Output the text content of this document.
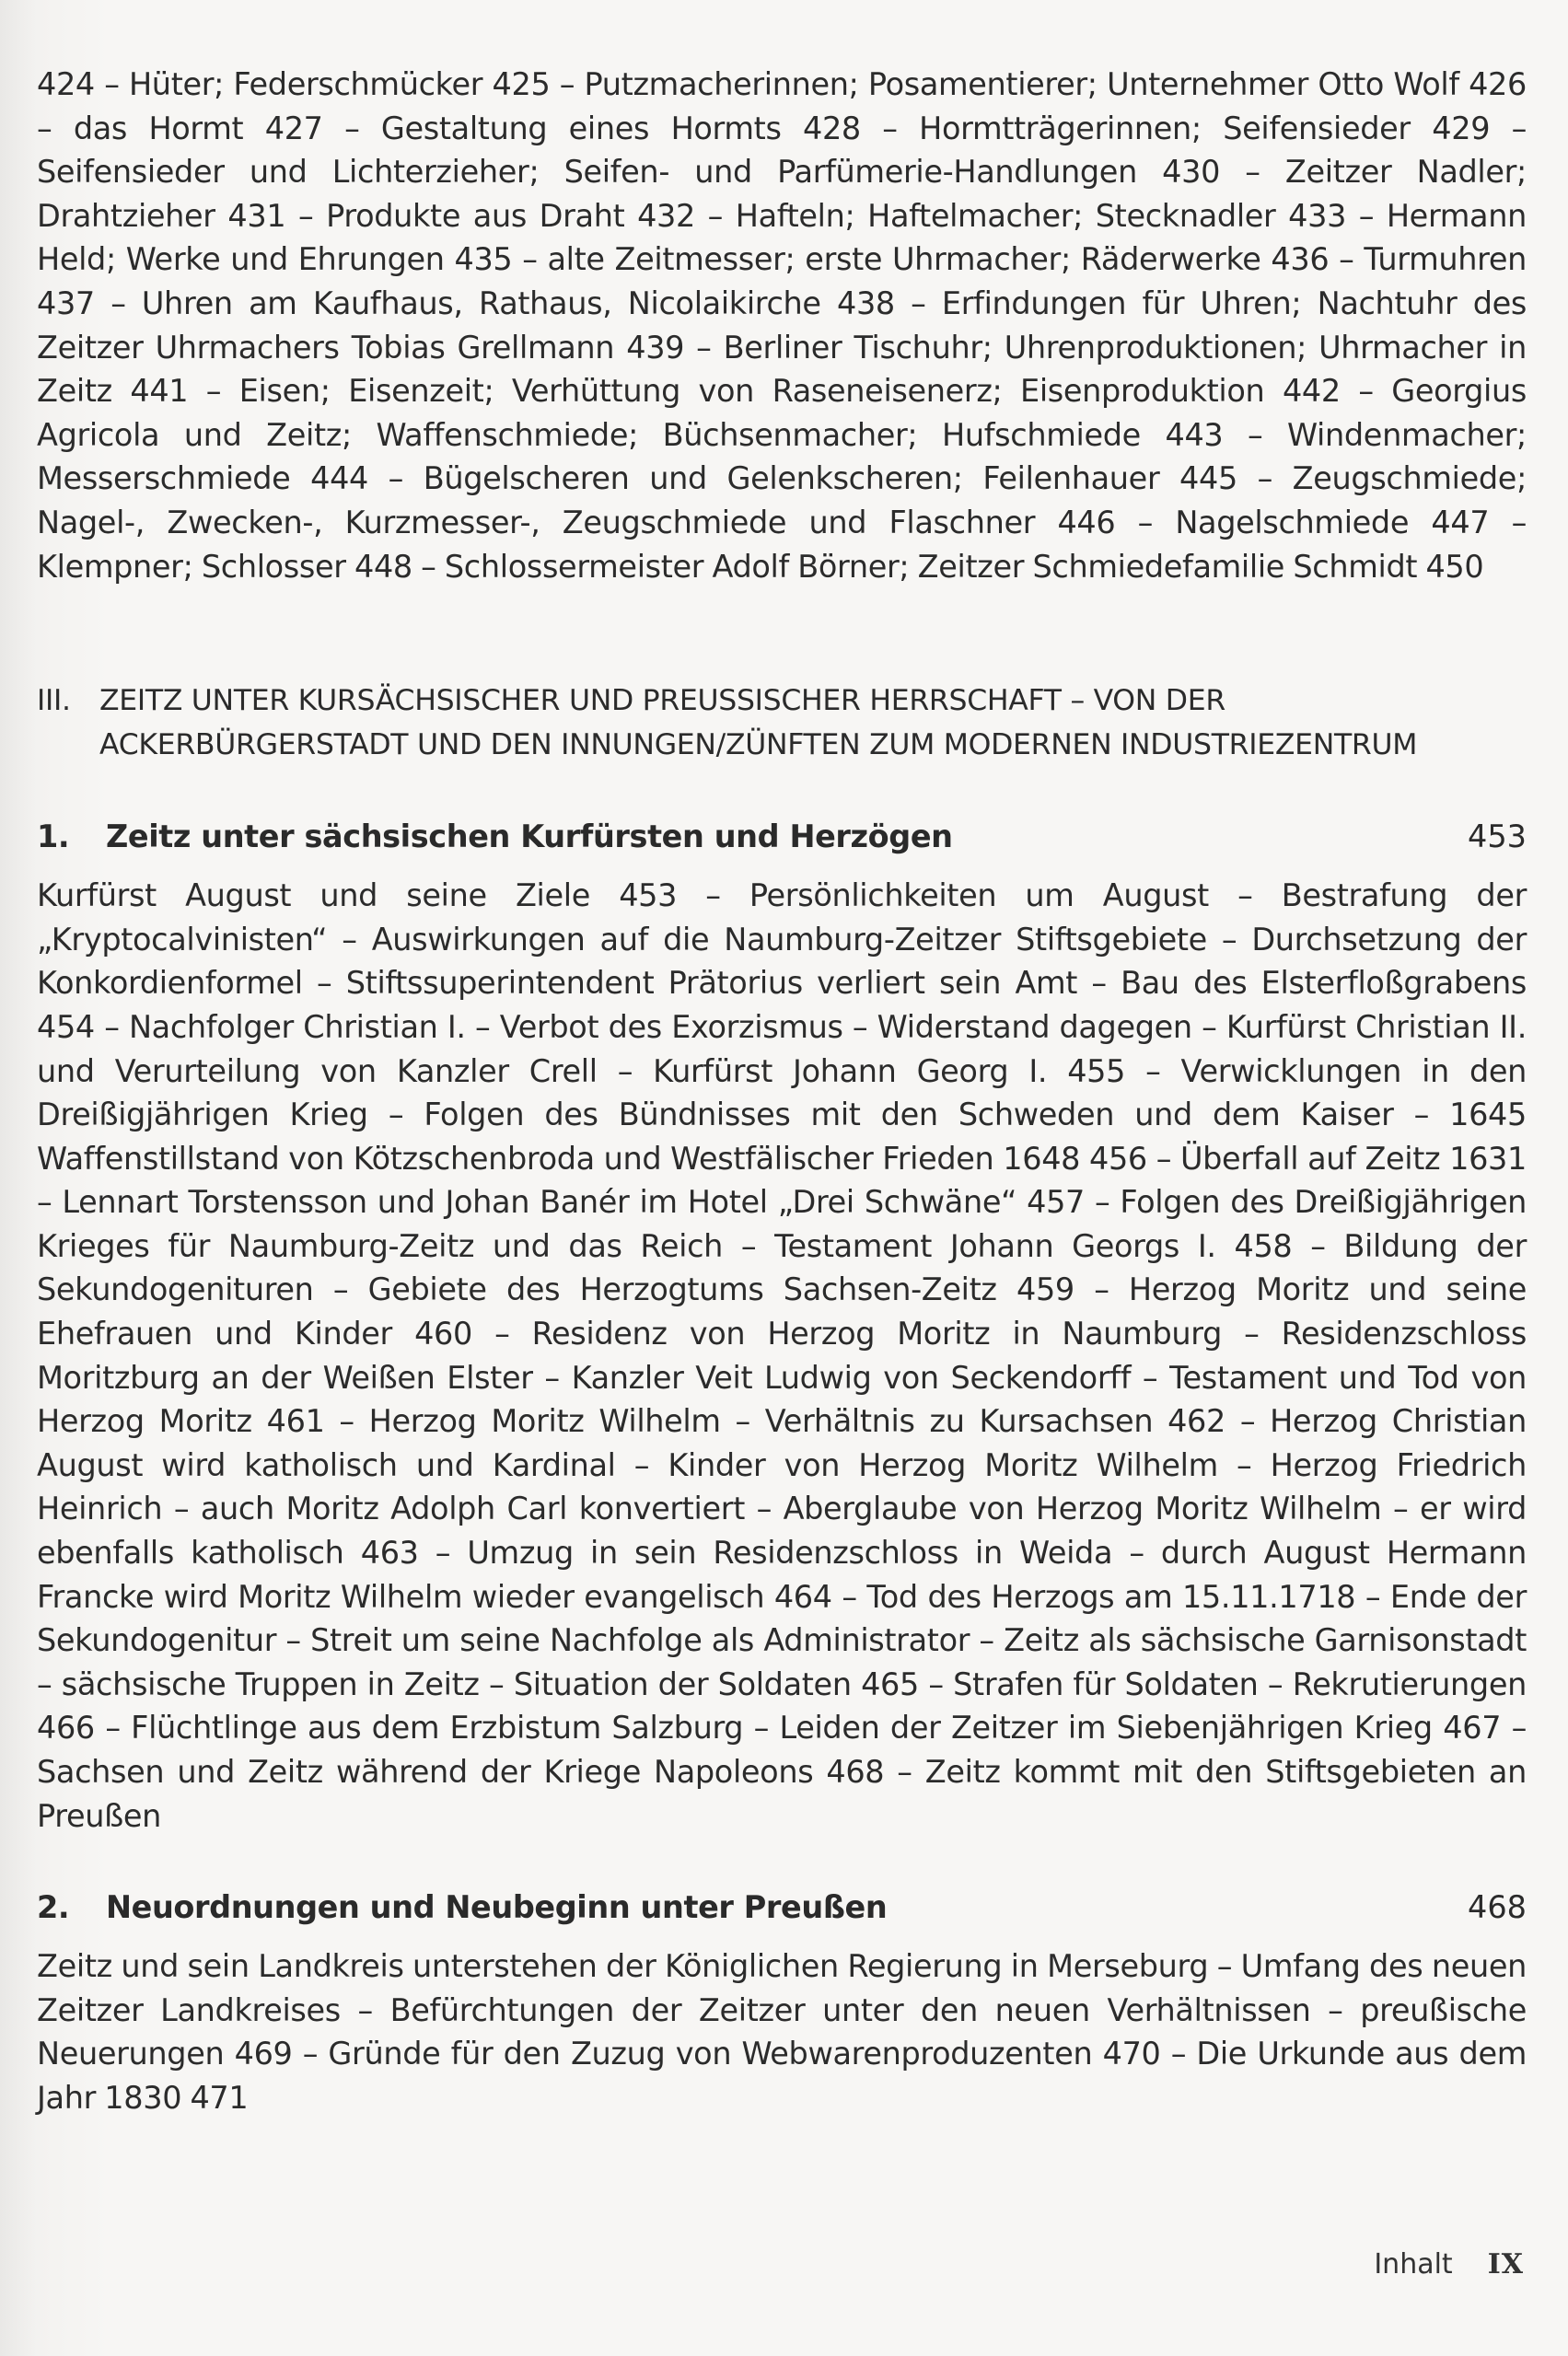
424 – Hüter; Federschmücker 425 – Putzmacherinnen; Posamentierer; Unternehmer Otto Wolf 426 – das Hormt 427 – Gestaltung eines Hormts 428 – Hormtträgerinnen; Seifensieder 429 – Seifensieder und Lichterzieher; Seifen- und Parfümerie-Handlungen 430 – Zeitzer Nadler; Drahtzieher 431 – Produkte aus Draht 432 – Hafteln; Haftelmacher; Stecknadler 433 – Hermann Held; Werke und Ehrungen 435 – alte Zeitmesser; erste Uhrmacher; Räderwerke 436 – Turmuhren 437 – Uhren am Kaufhaus, Rathaus, Nicolaikirche 438 – Erfindungen für Uhren; Nachtuhr des Zeitzer Uhrmachers Tobias Grellmann 439 – Berliner Tischuhr; Uhrenproduktionen; Uhrmacher in Zeitz 441 – Eisen; Eisenzeit; Verhüttung von Raseneisenerz; Eisenproduktion 442 – Georgius Agricola und Zeitz; Waffenschmiede; Büchsenmacher; Hufschmiede 443 – Windenmacher; Messerschmiede 444 – Bügelscheren und Gelenkscheren; Feilenhauer 445 – Zeugschmiede; Nagel-, Zwecken-, Kurzmesser-, Zeugschmiede und Flaschner 446 – Nagelschmiede 447 – Klempner; Schlosser 448 – Schlossermeister Adolf Börner; Zeitzer Schmiedefamilie Schmidt 450

III. ZEITZ UNTER KURSÄCHSISCHER UND PREUSSISCHER HERRSCHAFT – VON DER ACKERBÜRGERSTADT UND DEN INNUNGEN/ZÜNFTEN ZUM MODERNEN INDUSTRIEZENTRUM
1.	Zeitz unter sächsischen Kurfürsten und Herzögen	453

Kurfürst August und seine Ziele 453 – Persönlichkeiten um August – Bestrafung der „Kryptocalvinisten“ – Auswirkungen auf die Naumburg-Zeitzer Stiftsgebiete – Durchsetzung der Konkordienformel – Stiftssuperintendent Prätorius verliert sein Amt – Bau des Elsterfloßgrabens 454 – Nachfolger Christian I. – Verbot des Exorzismus – Widerstand dagegen – Kurfürst Christian II. und Verurteilung von Kanzler Crell – Kurfürst Johann Georg I. 455 – Verwicklungen in den Dreißigjährigen Krieg – Folgen des Bündnisses mit den Schweden und dem Kaiser – 1645 Waffenstillstand von Kötzschenbroda und Westfälischer Frieden 1648 456 – Überfall auf Zeitz 1631 – Lennart Torstensson und Johan Banér im Hotel „Drei Schwäne“ 457 – Folgen des Dreißigjährigen Krieges für Naumburg-Zeitz und das Reich – Testament Johann Georgs I. 458 – Bildung der Sekundogenituren – Gebiete des Herzogtums Sachsen-Zeitz 459 – Herzog Moritz und seine Ehefrauen und Kinder 460 – Residenz von Herzog Moritz in Naumburg – Residenzschloss Moritzburg an der Weißen Elster – Kanzler Veit Ludwig von Seckendorff – Testament und Tod von Herzog Moritz 461 – Herzog Moritz Wilhelm – Verhältnis zu Kursachsen 462 – Herzog Christian August wird katholisch und Kardinal – Kinder von Herzog Moritz Wilhelm – Herzog Friedrich Heinrich – auch Moritz Adolph Carl konvertiert – Aberglaube von Herzog Moritz Wilhelm – er wird ebenfalls katholisch 463 – Umzug in sein Residenzschloss in Weida – durch August Hermann Francke wird Moritz Wilhelm wieder evangelisch 464 – Tod des Herzogs am 15.11.1718 – Ende der Sekundogenitur – Streit um seine Nachfolge als Administrator – Zeitz als sächsische Garnisonstadt – sächsische Truppen in Zeitz – Situation der Soldaten 465 – Strafen für Soldaten – Rekrutierungen 466 – Flüchtlinge aus dem Erzbistum Salzburg – Leiden der Zeitzer im Siebenjährigen Krieg 467 – Sachsen und Zeitz während der Kriege Napoleons 468 – Zeitz kommt mit den Stiftsgebieten an Preußen

2.	Neuordnungen und Neubeginn unter Preußen	468

Zeitz und sein Landkreis unterstehen der Königlichen Regierung in Merseburg – Umfang des neuen Zeitzer Landkreises – Befürchtungen der Zeitzer unter den neuen Verhältnissen – preußische Neuerungen 469 – Gründe für den Zuzug von Webwarenproduzenten 470 – Die Urkunde aus dem Jahr 1830 471

Inhalt IX
